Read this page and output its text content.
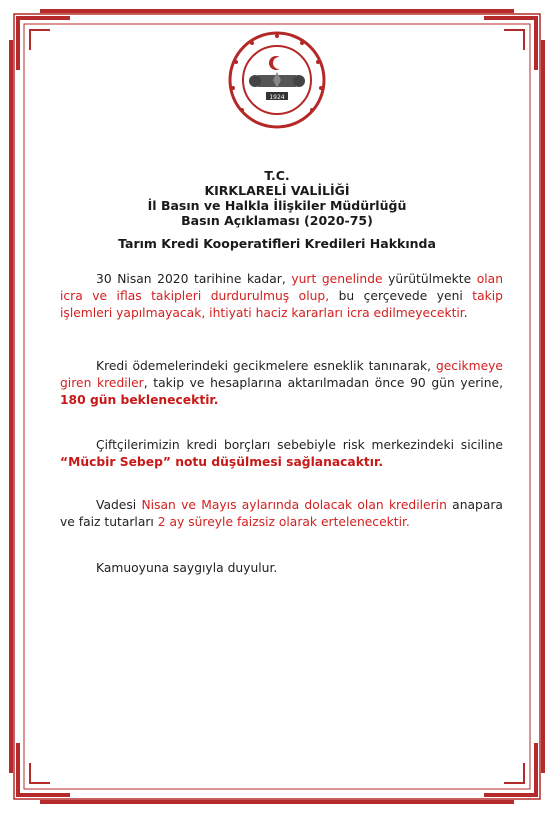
1924
T.C.
KIRKLARELİ VALİLİĞİ
İl Basın ve Halkla İlişkiler Müdürlüğü
Basın Açıklaması (2020-75)
Tarım Kredi Kooperatifleri Kredileri Hakkında

30 Nisan 2020 tarihine kadar, yurt genelinde yürütülmekte olan icra ve iflas takipleri durdurulmuş olup, bu çerçevede yeni takip işlemleri yapılmayacak, ihtiyati haciz kararları icra edilmeyecektir.

Kredi ödemelerindeki gecikmelere esneklik tanınarak, gecikmeye giren krediler, takip ve hesaplarına aktarılmadan önce 90 gün yerine, 180 gün beklenecektir.

Çiftçilerimizin kredi borçları sebebiyle risk merkezindeki siciline “Mücbir Sebep” notu düşülmesi sağlanacaktır.

Vadesi Nisan ve Mayıs aylarında dolacak olan kredilerin anapara ve faiz tutarları 2 ay süreyle faizsiz olarak ertelenecektir.

Kamuoyuna saygıyla duyulur.
